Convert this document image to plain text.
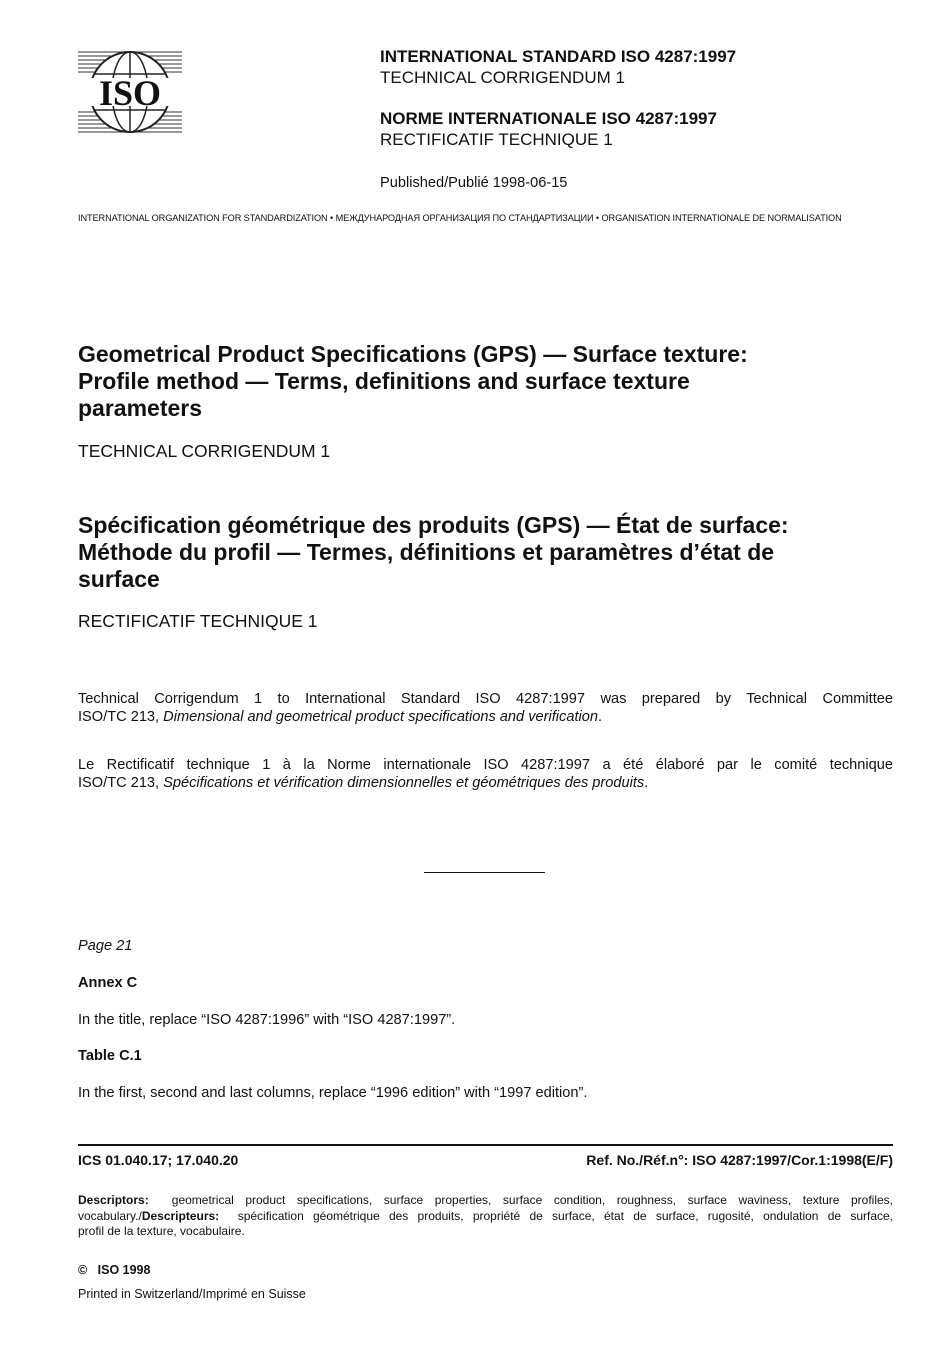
ISO
INTERNATIONAL STANDARD ISO 4287:1997
TECHNICAL CORRIGENDUM 1
NORME INTERNATIONALE ISO 4287:1997
RECTIFICATIF TECHNIQUE 1
Published/Publié 1998-06-15
INTERNATIONAL ORGANIZATION FOR STANDARDIZATION • МЕЖДУНАРОДНАЯ ОРГАНИЗАЦИЯ ПО СТАНДАРТИЗАЦИИ • ORGANISATION INTERNATIONALE DE NORMALISATION
Geometrical Product Specifications (GPS) — Surface texture:
Profile method — Terms, definitions and surface texture
parameters
TECHNICAL CORRIGENDUM 1
Spécification géométrique des produits (GPS) — État de surface:
Méthode du profil — Termes, définitions et paramètres d’état de
surface
RECTIFICATIF TECHNIQUE 1
Technical Corrigendum 1 to International Standard ISO 4287:1997 was prepared by Technical Committee
ISO/TC 213, Dimensional and geometrical product specifications and verification.
Le Rectificatif technique 1 à la Norme internationale ISO 4287:1997 a été élaboré par le comité technique
ISO/TC 213, Spécifications et vérification dimensionnelles et géométriques des produits.
Page 21
Annex C
In the title, replace “ISO 4287:1996” with “ISO 4287:1997”.
Table C.1
In the first, second and last columns, replace “1996 edition” with “1997 edition”.
ICS 01.040.17; 17.040.20	Ref. No./Réf.n°: ISO 4287:1997/Cor.1:1998(E/F)
Descriptors: geometrical product specifications, surface properties, surface condition, roughness, surface waviness, texture profiles,
vocabulary./Descripteurs: spécification géométrique des produits, propriété de surface, état de surface, rugosité, ondulation de surface,
profil de la texture, vocabulaire.
© ISO 1998
Printed in Switzerland/Imprimé en Suisse
